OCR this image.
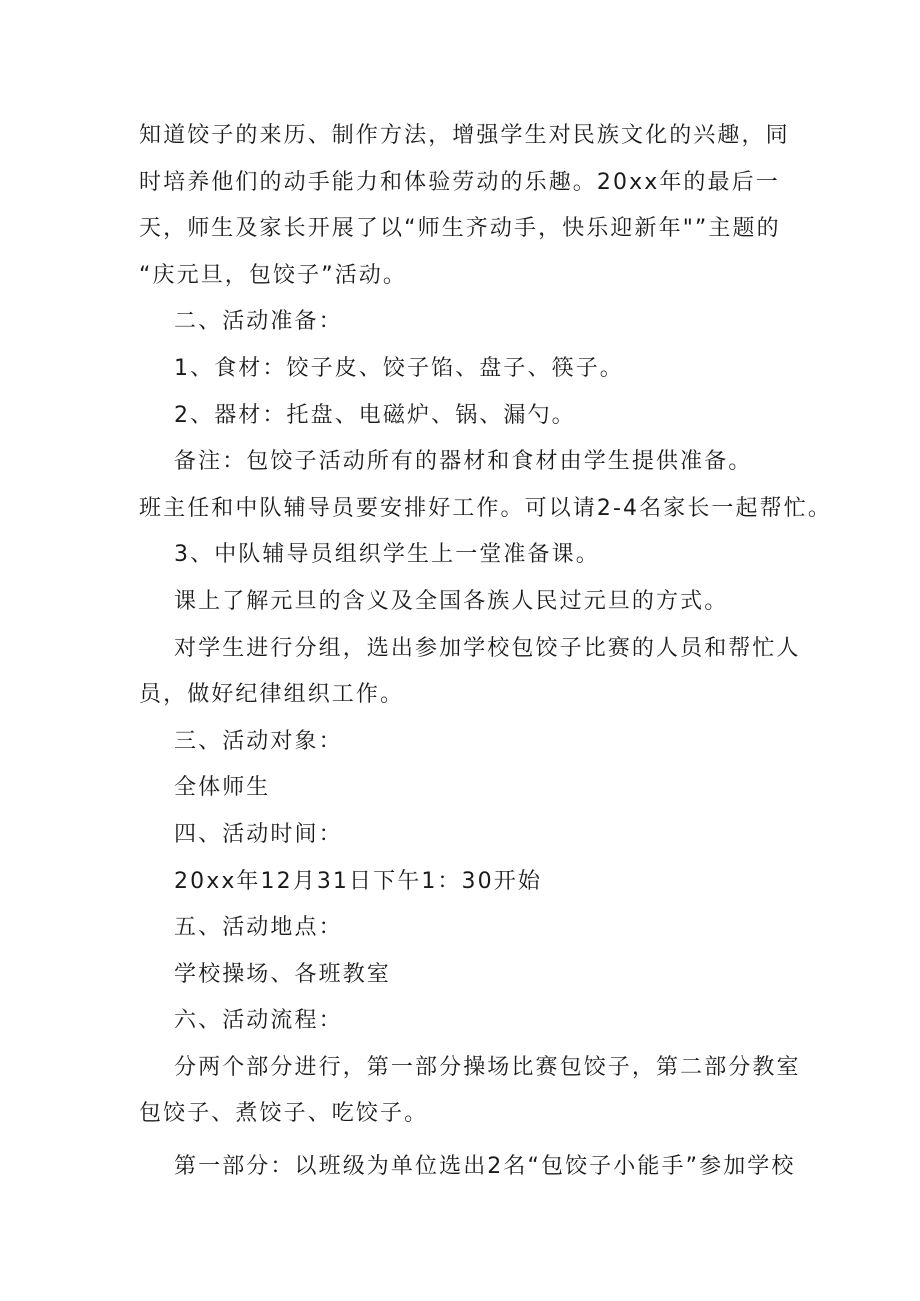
知道饺子的来历、制作方法，增强学生对民族文化的兴趣，同
时培养他们的动手能力和体验劳动的乐趣。20xx年的最后一
天，师生及家长开展了以“师生齐动手，快乐迎新年"”主题的
“庆元旦，包饺子”活动。
二、活动准备：
1、食材：饺子皮、饺子馅、盘子、筷子。
2、器材：托盘、电磁炉、锅、漏勺。
备注：包饺子活动所有的器材和食材由学生提供准备。
班主任和中队辅导员要安排好工作。可以请2-4名家长一起帮忙。
3、中队辅导员组织学生上一堂准备课。
课上了解元旦的含义及全国各族人民过元旦的方式。
对学生进行分组，选出参加学校包饺子比赛的人员和帮忙人
员，做好纪律组织工作。
三、活动对象：
全体师生
四、活动时间：
20xx年12月31日下午1：30开始
五、活动地点：
学校操场、各班教室
六、活动流程：
分两个部分进行，第一部分操场比赛包饺子，第二部分教室
包饺子、煮饺子、吃饺子。
第一部分：以班级为单位选出2名“包饺子小能手”参加学校
